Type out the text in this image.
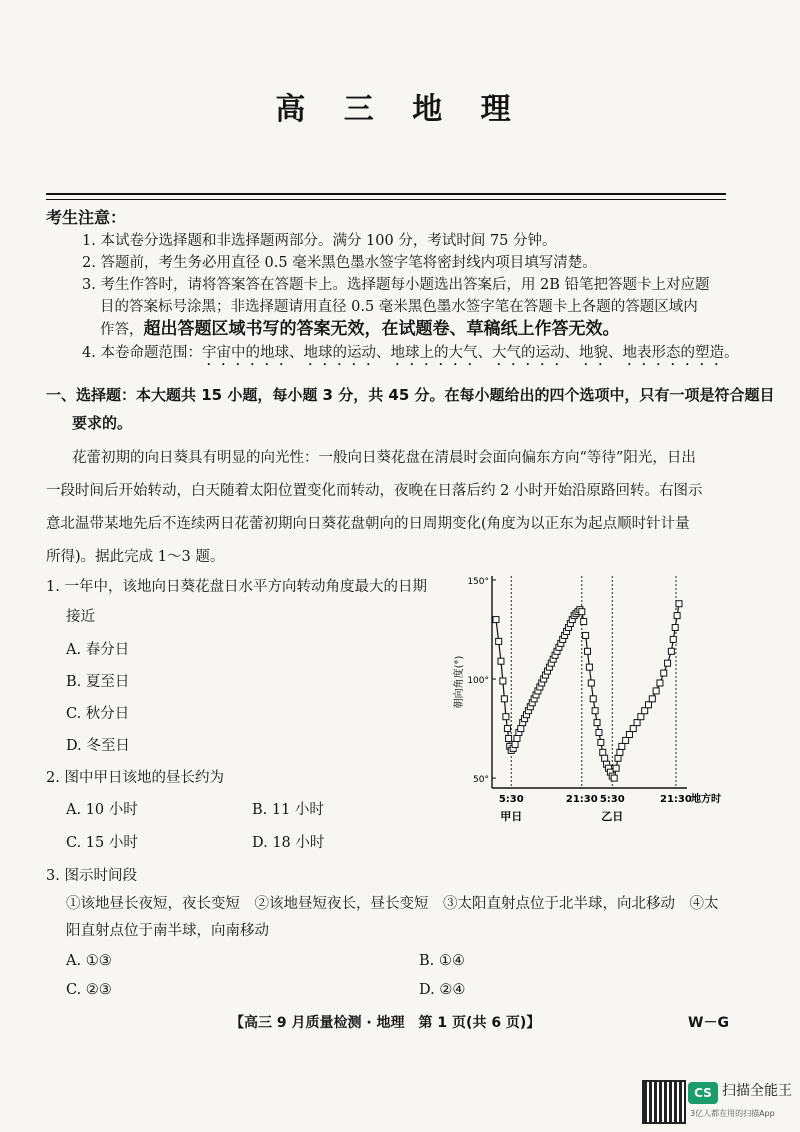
高 三 地 理
考生注意：
1. 本试卷分选择题和非选择题两部分。满分 100 分，考试时间 75 分钟。
2. 答题前，考生务必用直径 0.5 毫米黑色墨水签字笔将密封线内项目填写清楚。
3. 考生作答时，请将答案答在答题卡上。选择题每小题选出答案后，用 2B 铅笔把答题卡上对应题
目的答案标号涂黑；非选择题请用直径 0.5 毫米黑色墨水签字笔在答题卡上各题的答题区域内
作答，超出答题区域书写的答案无效，在试题卷、草稿纸上作答无效。
4. 本卷命题范围：宇宙中的地球、地球的运动、地球上的大气、大气的运动、地貌、地表形态的塑造。
一、选择题：本大题共 15 小题，每小题 3 分，共 45 分。在每小题给出的四个选项中，只有一项是符合题目
要求的。
花蕾初期的向日葵具有明显的向光性：一般向日葵花盘在清晨时会面向偏东方向“等待”阳光，日出
一段时间后开始转动，白天随着太阳位置变化而转动，夜晚在日落后约 2 小时开始沿原路回转。右图示
意北温带某地先后不连续两日花蕾初期向日葵花盘朝向的日周期变化(角度为以正东为起点顺时针计量
所得)。据此完成 1～3 题。
1. 一年中，该地向日葵花盘日水平方向转动角度最大的日期
接近
A. 春分日
B. 夏至日
C. 秋分日
D. 冬至日
2. 图中甲日该地的昼长约为
A. 10 小时	B. 11 小时
C. 15 小时	D. 18 小时
3. 图示时间段
①该地昼长夜短，夜长变短　②该地昼短夜长，昼长变短　③太阳直射点位于北半球，向北移动　④太
阳直射点位于南半球，向南移动
A. ①③	B. ①④
C. ②③	D. ②④
【高三 9 月质量检测 · 地理　第 1 页(共 6 页)】	W－G
50°
100°
150°
朝向角度(°)
5:30	21:30 5:30	21:30 地方时
甲日	乙日
CS 扫描全能王
3亿人都在用的扫描App
